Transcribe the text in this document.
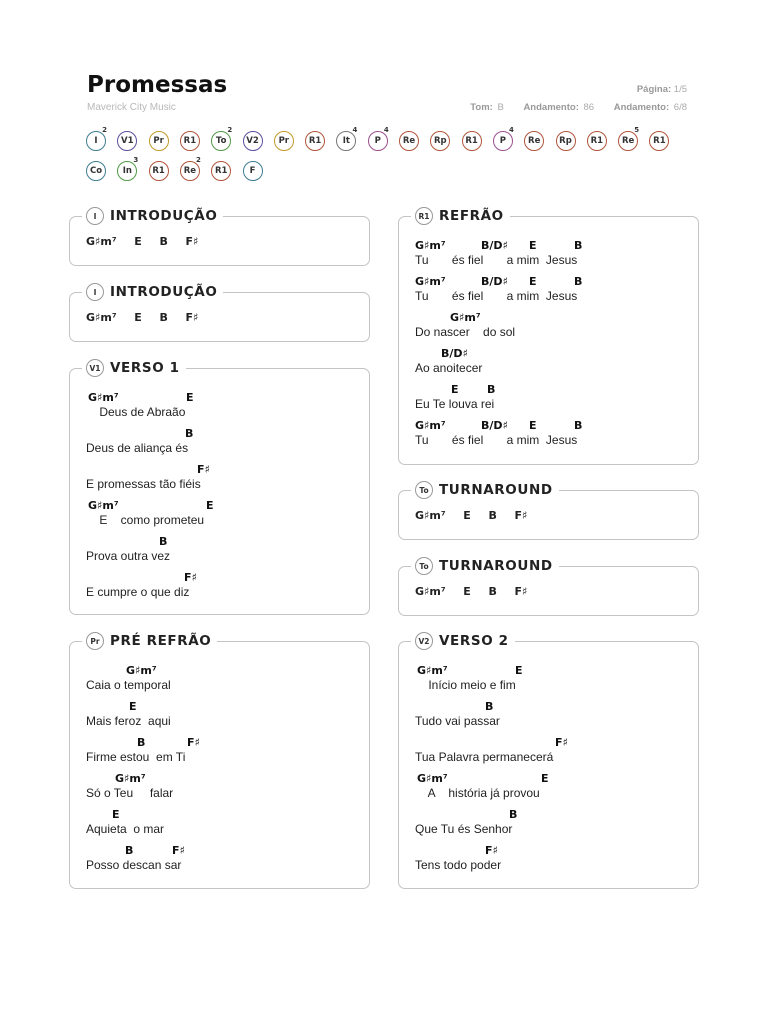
Promessas
Maverick City Music
Página: 1/5
Tom: B Andamento: 86 Andamento: 6/8
I
2
V1 Pr R1 To
2
V2 Pr R1	It
4
P
4
Re Rp R1	P
4
Re Rp R1 Re
5
R1
Co In
3
R1 Re
2
R1	F
I	INTRODUÇÃO
G♯m⁷  E  B  F♯
I	INTRODUÇÃO
G♯m⁷  E  B  F♯
V1 VERSO 1
G♯m⁷	E
Deus de Abraão
B
Deus de aliança és
F♯
E promessas tão fiéis
G♯m⁷	E
E    como prometeu
B
Prova outra vez
F♯
E cumpre o que diz
Pr PRÉ REFRÃO
G♯m⁷
Caia o temporal
E
Mais feroz  aqui
B	F♯
Firme estou  em Ti
G♯m⁷
Só o Teu     falar
E
Aquieta  o mar
B	F♯
Posso descan sar
R1 REFRÃO
G♯m⁷	B/D♯ E	B
Tu       és fiel       a mim  Jesus
G♯m⁷	B/D♯ E	B
Tu       és fiel       a mim  Jesus
G♯m⁷
Do nascer    do sol
B/D♯
Ao anoitecer
E	B
Eu Te louva rei
G♯m⁷	B/D♯ E	B
Tu       és fiel       a mim  Jesus
To TURNAROUND
G♯m⁷  E  B  F♯
To TURNAROUND
G♯m⁷  E  B  F♯
V2 VERSO 2
G♯m⁷	E
Início meio e fim
B
Tudo vai passar
F♯
Tua Palavra permanecerá
G♯m⁷	E
A    história já provou
B
Que Tu és Senhor
F♯
Tens todo poder
